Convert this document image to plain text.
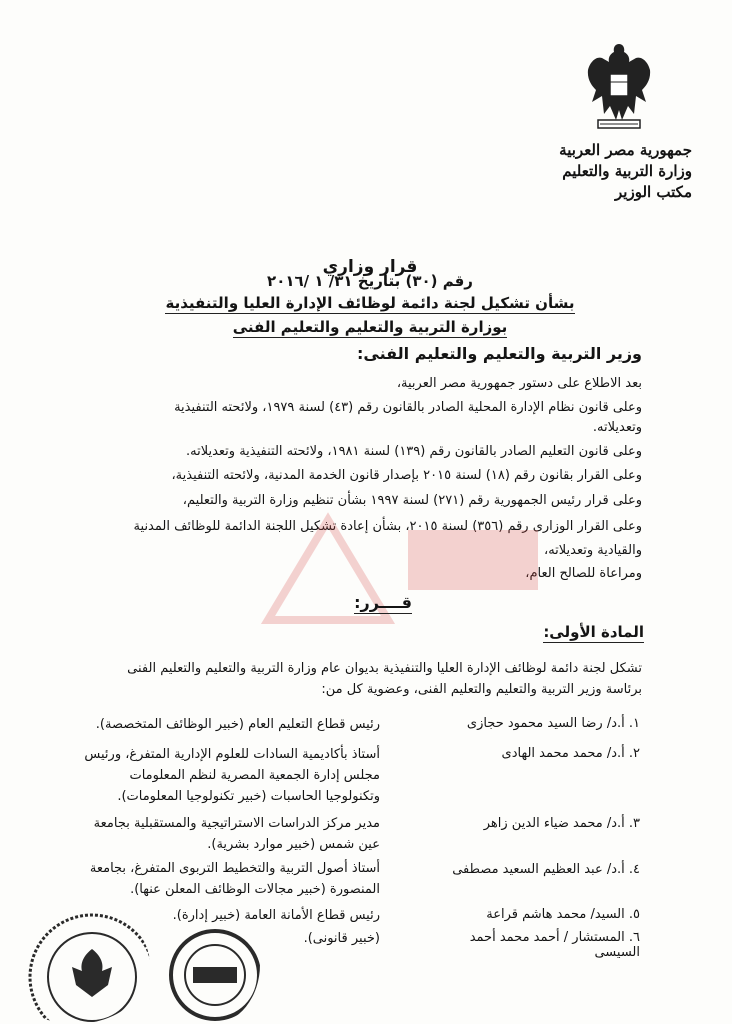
جمهورية مصر العربية
وزارة التربية والتعليم
مكتب الوزير
قرار وزاري
رقم (٣٠) بتاريخ ٣١/ ١ /٢٠١٦
بشأن تشكيل لجنة دائمة لوظائف الإدارة العليا والتنفيذية
بوزارة التربية والتعليم والتعليم الفنى
وزير التربية والتعليم والتعليم الفنى:
بعد الاطلاع على دستور جمهورية مصر العربية،
وعلى قانون نظام الإدارة المحلية الصادر بالقانون رقم (٤٣) لسنة ١٩٧٩، ولائحته التنفيذية
وتعديلاته.
وعلى قانون التعليم الصادر بالقانون رقم (١٣٩) لسنة ١٩٨١، ولائحته التنفيذية وتعديلاته.
وعلى القرار بقانون رقم (١٨) لسنة ٢٠١٥ بإصدار قانون الخدمة المدنية، ولائحته التنفيذية،
وعلى قرار رئيس الجمهورية رقم (٢٧١) لسنة ١٩٩٧ بشأن تنظيم وزارة التربية والتعليم،
وعلى القرار الوزارى رقم (٣٥٦) لسنة ٢٠١٥، بشأن إعادة تشكيل اللجنة الدائمة للوظائف المدنية
والقيادية وتعديلاته،
ومراعاة للصالح العام،
قــــرر:
المادة الأولى:
تشكل لجنة دائمة لوظائف الإدارة العليا والتنفيذية بديوان عام وزارة التربية والتعليم والتعليم الفنى
برئاسة وزير التربية والتعليم والتعليم الفنى، وعضوية كل من:
١. أ.د/ رضا السيد محمود حجازى
رئيس قطاع التعليم العام (خبير الوظائف المتخصصة).
٢. أ.د/ محمد محمد الهادى
أستاذ بأكاديمية السادات للعلوم الإدارية المتفرغ، ورئيس
مجلس إدارة الجمعية المصرية لنظم المعلومات
وتكنولوجيا الحاسبات (خبير تكنولوجيا المعلومات).
٣. أ.د/ محمد ضياء الدين زاهر
مدير مركز الدراسات الاستراتيجية والمستقبلية بجامعة
عين شمس (خبير موارد بشرية).
٤. أ.د/ عبد العظيم السعيد مصطفى
أستاذ أصول التربية والتخطيط التربوى المتفرغ، بجامعة
المنصورة (خبير مجالات الوظائف المعلن عنها).
٥. السيد/ محمد هاشم قراعة
رئيس قطاع الأمانة العامة (خبير إدارة).
٦. المستشار / أحمد محمد أحمد السيسى
(خبير قانونى).
